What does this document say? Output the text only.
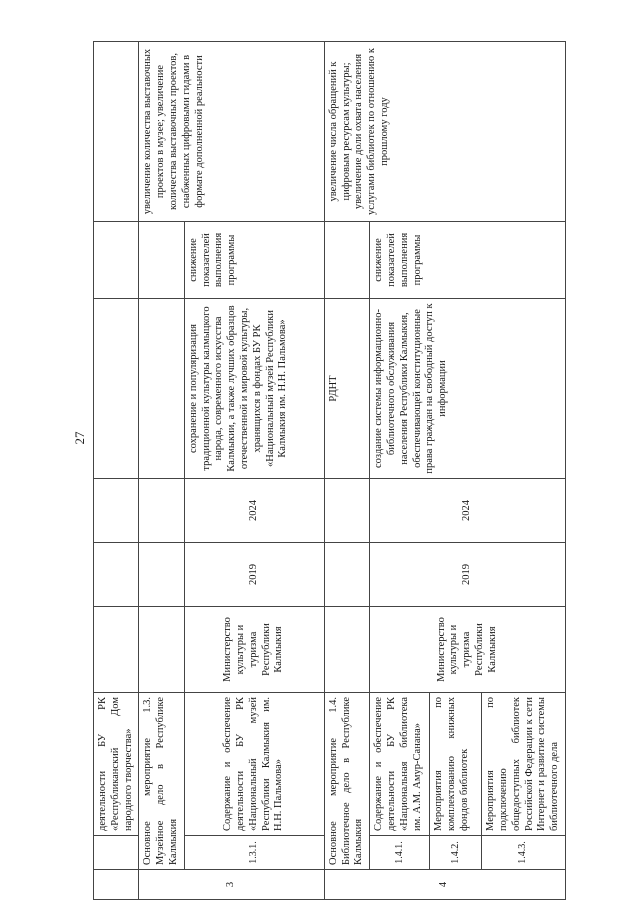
27
		деятельности БУ РК «Республиканский Дом народного творчества»						
3	Основное мероприятие 1.3. Музейное дело в Республике Калмыкия							увеличение количества выставочных проектов в музее; увеличение количества выставочных проектов, снабженных цифровыми гидами в формате дополненной реальности
	1.3.1.	Содержание и обеспечение деятельности БУ РК «Национальный музей Республики Калмыкия им. Н.Н. Пальмова»	Министерство культуры и туризма Республики Калмыкия	2019	2024	сохранение и популяризация традиционной культуры калмыцкого народа, современного искусства Калмыкии, а также лучших образцов отечественной и мировой культуры, хранящихся в фондах БУ РК «Национальный музей Республики Калмыкия им. Н.Н. Пальмова»	снижение показателей выполнения программы	
4	Основное мероприятие 1.4. Библиотечное дело в Республике Калмыкия					РДНТ		увеличение числа обращений к цифровым ресурсам культуры; увеличение доли охвата населения услугами библиотек по отношению к прошлому году
	1.4.1.	Содержание и обеспечение деятельности БУ РК «Национальная библиотека им. А.М. Амур-Санана»	Министерство культуры и туризма Республики Калмыкия	2019	2024	создание системы информационно-библиотечного обслуживания населения Республики Калмыкия, обеспечивающей конституционные права граждан на свободный доступ к информации	снижение показателей выполнения программы	
	1.4.2.	Мероприятия по комплектованию книжных фондов библиотек						
	1.4.3.	Мероприятия по подключению общедоступных библиотек Российской Федерации к сети Интернет и развитие системы библиотечного дела						
